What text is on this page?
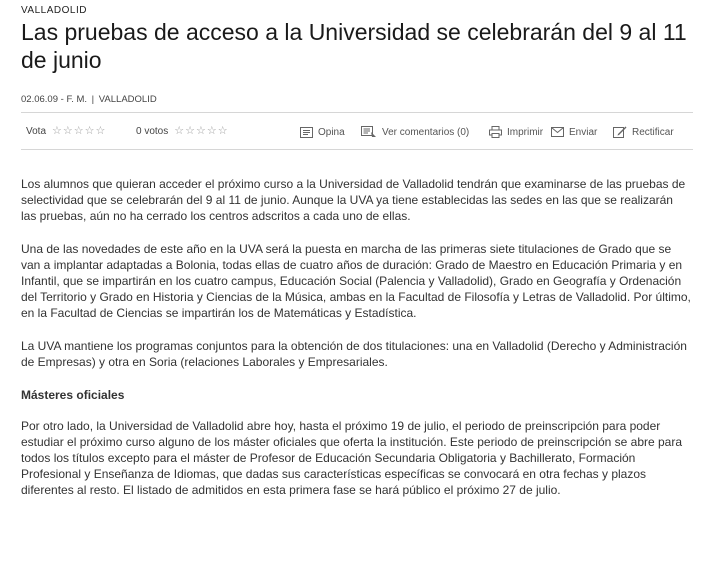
VALLADOLID
Las pruebas de acceso a la Universidad se celebrarán del 9 al 11 de junio
02.06.09 - F. M. | VALLADOLID
Vota ☆ ☆ ☆ ☆ ☆	0 votos ☆ ☆ ☆ ☆ ☆	Opina	Ver comentarios (0)	Imprimir	Enviar	Rectificar

Los alumnos que quieran acceder el próximo curso a la Universidad de Valladolid tendrán que examinarse de las pruebas de selectividad que se celebrarán del 9 al 11 de junio. Aunque la UVA ya tiene establecidas las sedes en las que se realizarán las pruebas, aún no ha cerrado los centros adscritos a cada uno de ellas.

Una de las novedades de este año en la UVA será la puesta en marcha de las primeras siete titulaciones de Grado que se van a implantar adaptadas a Bolonia, todas ellas de cuatro años de duración: Grado de Maestro en Educación Primaria y en Infantil, que se impartirán en los cuatro campus, Educación Social (Palencia y Valladolid), Grado en Geografía y Ordenación del Territorio y Grado en Historia y Ciencias de la Música, ambas en la Facultad de Filosofía y Letras de Valladolid. Por último, en la Facultad de Ciencias se impartirán los de Matemáticas y Estadística.

La UVA mantiene los programas conjuntos para la obtención de dos titulaciones: una en Valladolid (Derecho y Administración de Empresas) y otra en Soria (relaciones Laborales y Empresariales.

Másteres oficiales

Por otro lado, la Universidad de Valladolid abre hoy, hasta el próximo 19 de julio, el periodo de preinscripción para poder estudiar el próximo curso alguno de los máster oficiales que oferta la institución. Este periodo de preinscripción se abre para todos los títulos excepto para el máster de Profesor de Educación Secundaria Obligatoria y Bachillerato, Formación Profesional y Enseñanza de Idiomas, que dadas sus características específicas se convocará en otra fechas y plazos diferentes al resto. El listado de admitidos en esta primera fase se hará público el próximo 27 de julio.
